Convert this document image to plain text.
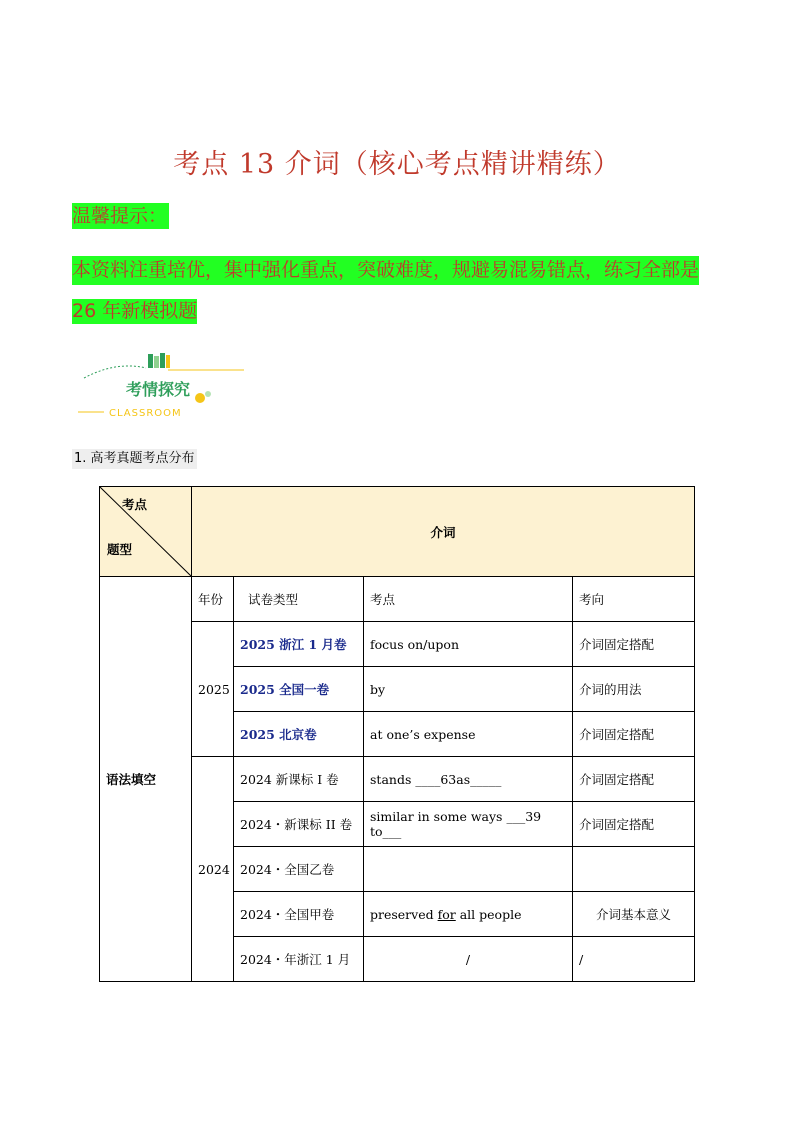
考点 13 介词（核心考点精讲精练）
温馨提示：
本资料注重培优，集中强化重点，突破难度，规避易混易错点，练习全部是
26 年新模拟题
考情探究
CLASSROOM
1. 高考真题考点分布
考点
题型	介词			
语法填空	年份	试卷类型	考点	考向
	2025	2025 浙江 1 月卷	focus on/upon	介词固定搭配
		2025 全国一卷	by	介词的用法
		2025 北京卷	at one’s expense	介词固定搭配
	2024	2024 新课标 I 卷	stands ____63as_____	介词固定搭配
		2024・新课标 II 卷	similar in some ways ___39 to___	介词固定搭配
		2024・全国乙卷		
		2024・全国甲卷	preserved for all people	介词基本意义
		2024・年浙江 1 月	/	/
